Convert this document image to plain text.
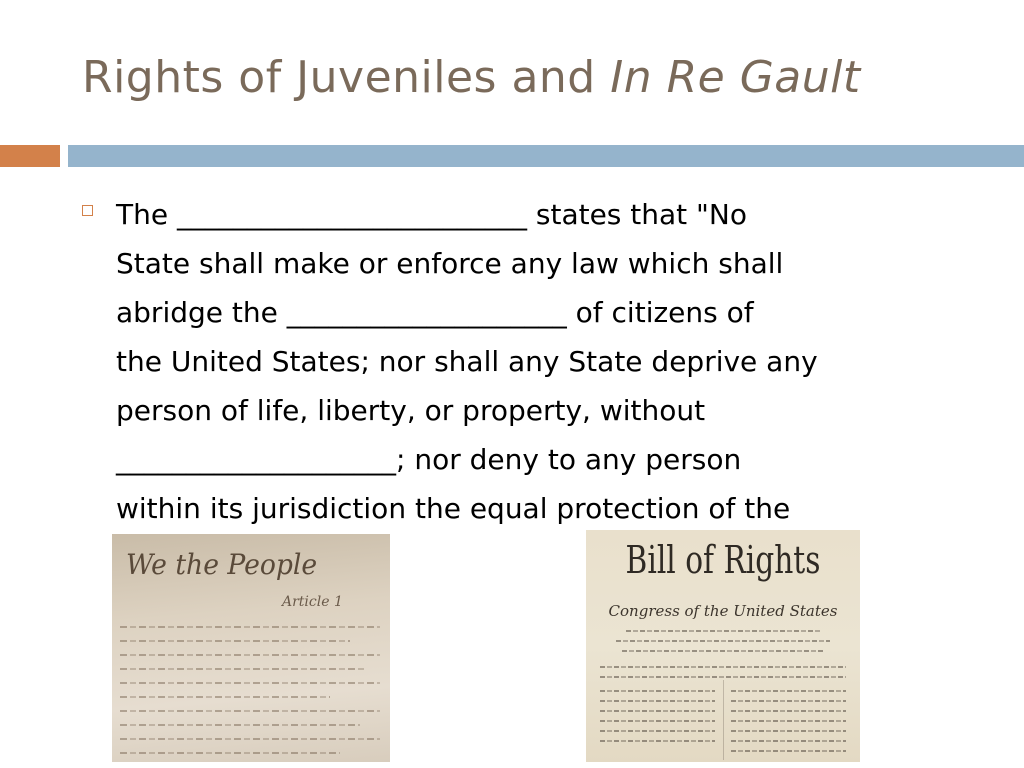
Rights of Juveniles and In Re Gault
The _________________________ states that "No
State shall make or enforce any law which shall
abridge the ____________________ of citizens of
the United States; nor shall any State deprive any
person of life, liberty, or property, without
____________________; nor deny to any person
within its jurisdiction the equal protection of the
We the People
Article 1
Bill of Rights
Congress of the United States
